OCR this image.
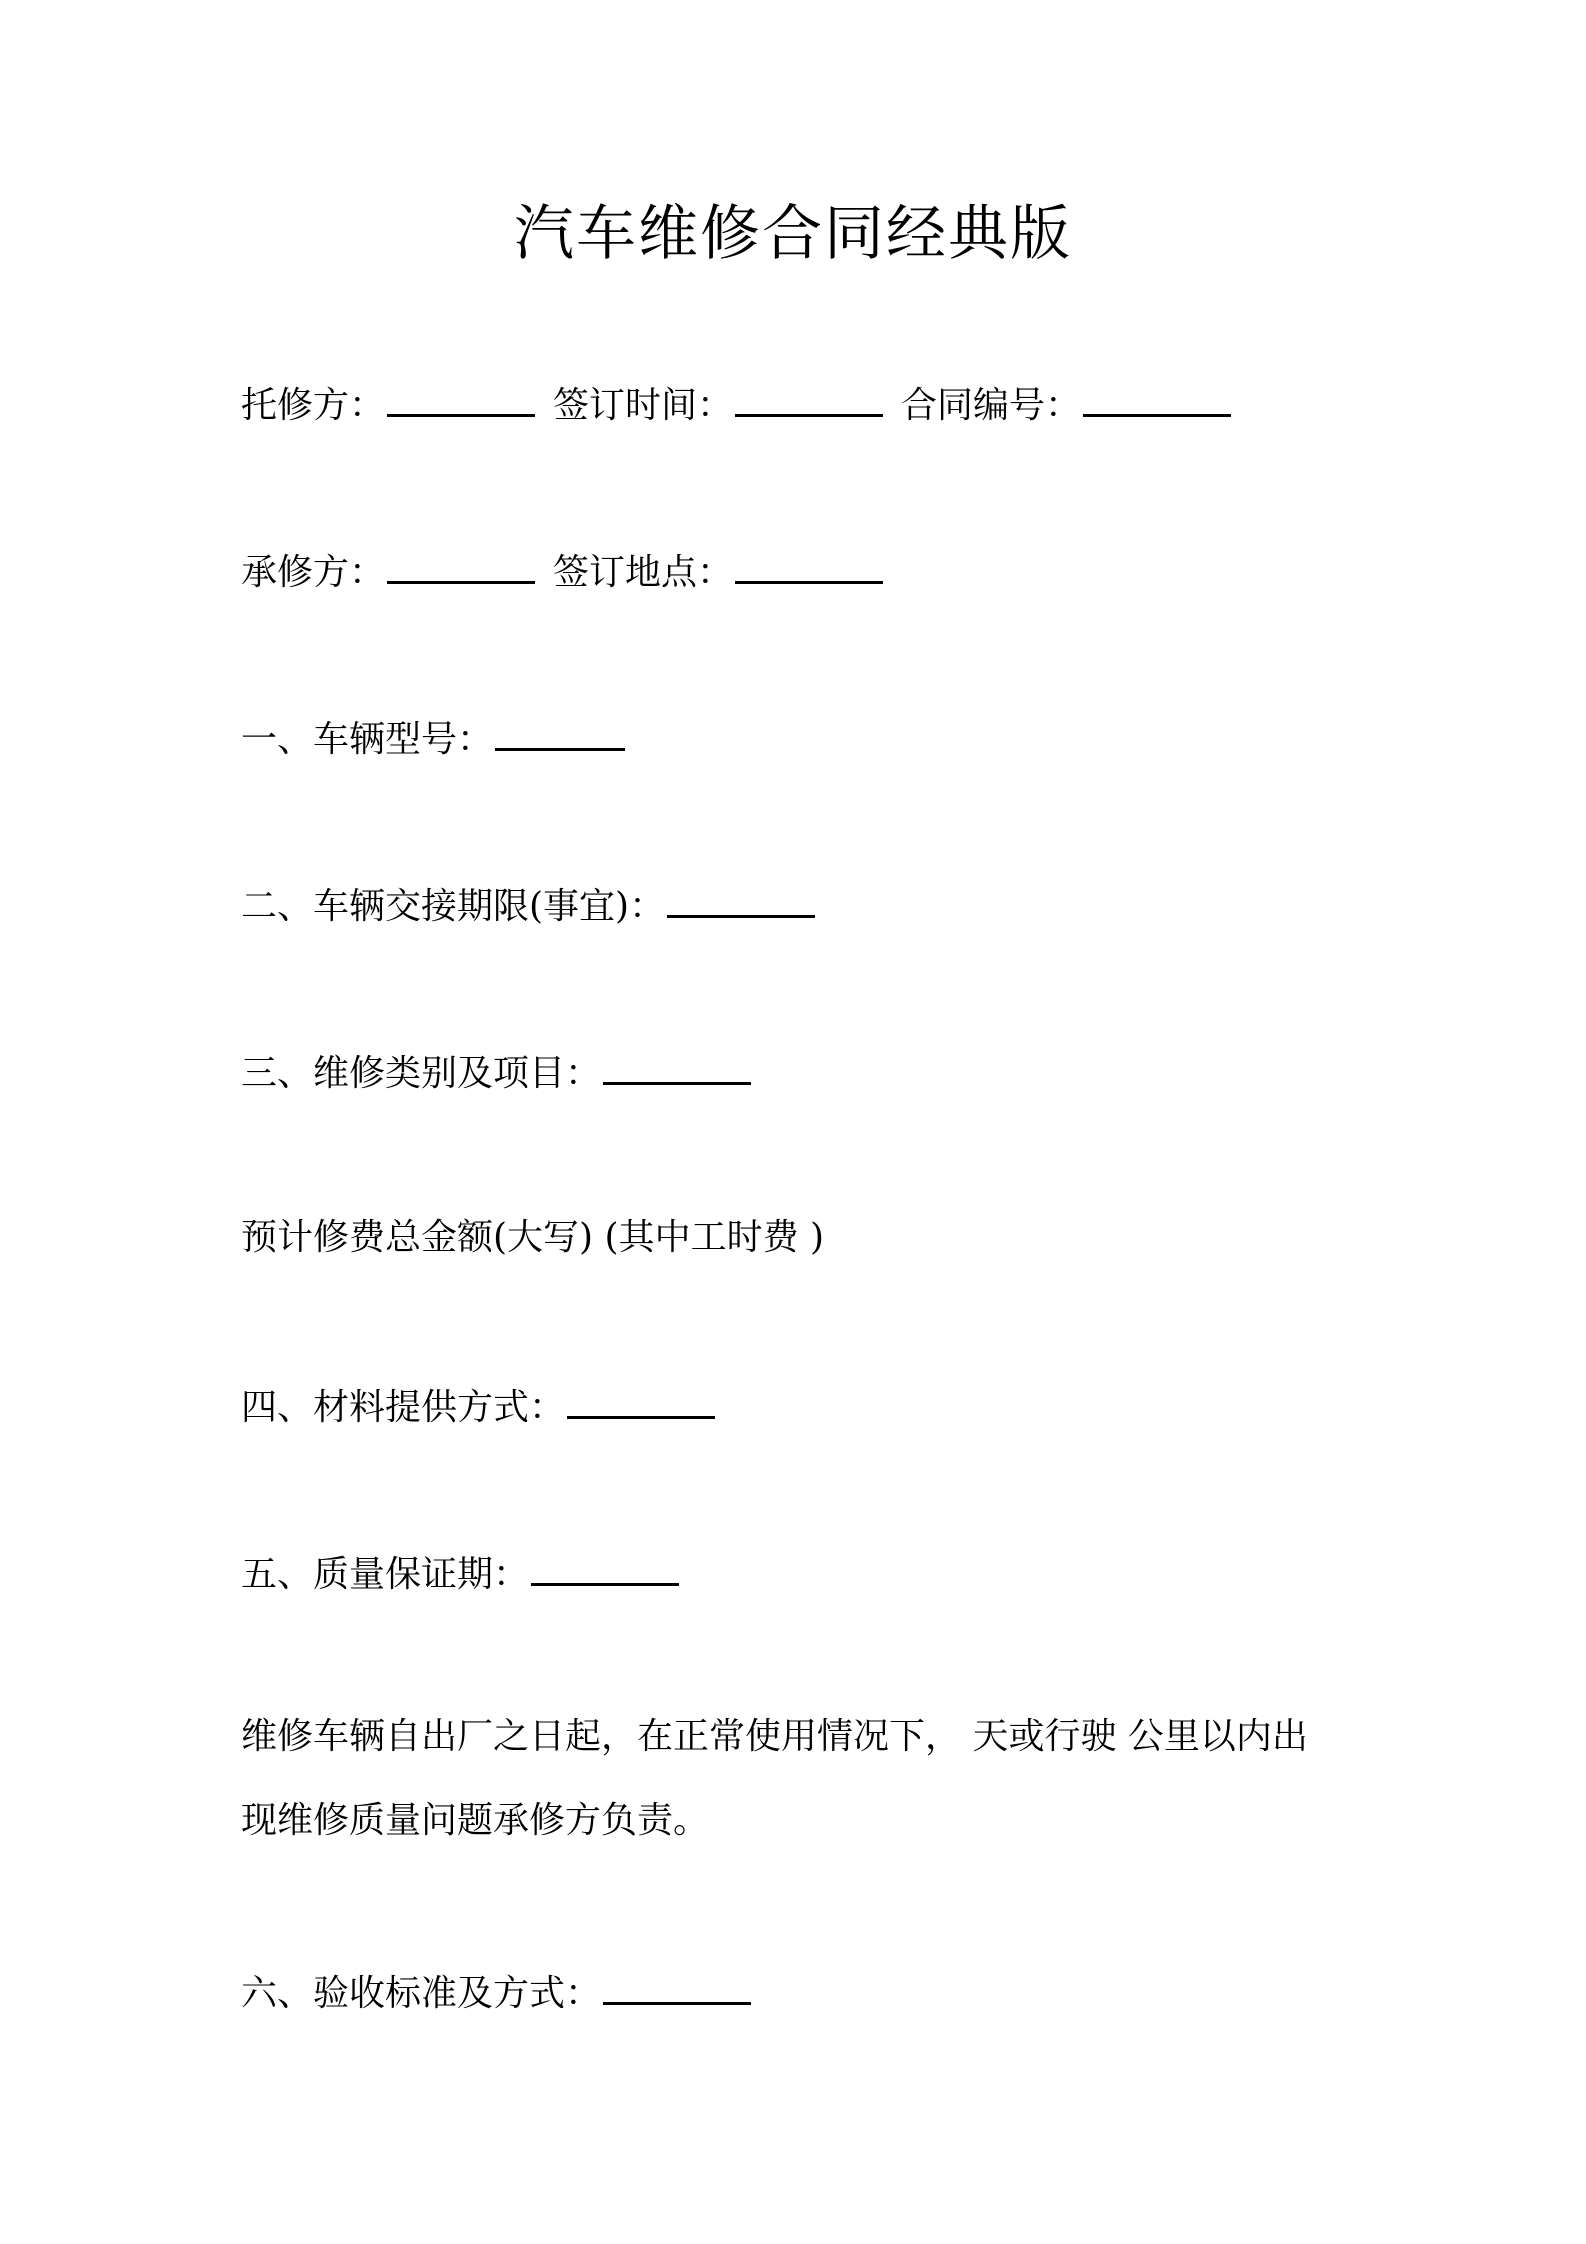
汽车维修合同经典版
托修方：	签订时间：	合同编号：
承修方：	签订地点：
一、车辆型号：
二、车辆交接期限(事宜)：
三、维修类别及项目：
预计修费总金额(大写) (其中工时费 )
四、材料提供方式：
五、质量保证期：
维修车辆自出厂之日起，在正常使用情况下， 天或行驶 公里以内出
现维修质量问题承修方负责。
六、验收标准及方式：
